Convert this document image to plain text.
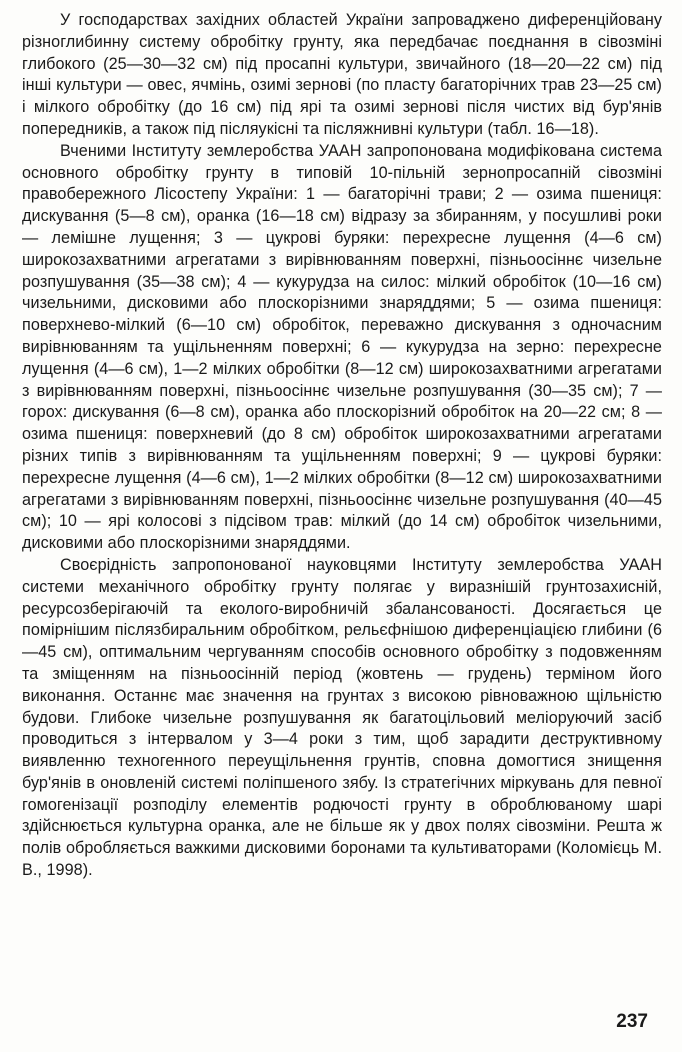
У господарствах західних областей України запроваджено диференційовану різноглибинну систему обробітку грунту, яка передбачає поєднання в сівозміні глибокого (25—30—32 см) під просапні культури, звичайного (18—20—22 см) під інші культури — овес, ячмінь, озимі зернові (по пласту багаторічних трав 23—25 см) і мілкого обробітку (до 16 см) під ярі та озимі зернові після чистих від бур'янів попередників, а також під післяукісні та післяжнивні культури (табл. 16—18).

Вченими Інституту землеробства УААН запропонована модифікована система основного обробітку грунту в типовій 10-пільній зернопросапній сівозміні правобережного Лісостепу України: 1 — багаторічні трави; 2 — озима пшениця: дискування (5—8 см), оранка (16—18 см) відразу за збиранням, у посушливі роки — лемішне лущення; 3 — цукрові буряки: перехресне лущення (4—6 см) широкозахватними агрегатами з вирівнюванням поверхні, пізньоосіннє чизельне розпушування (35—38 см); 4 — кукурудза на силос: мілкий обробіток (10—16 см) чизельними, дисковими або плоскорізними знаряддями; 5 — озима пшениця: поверхнево-мілкий (6—10 см) обробіток, переважно дискування з одночасним вирівнюванням та ущільненням поверхні; 6 — кукурудза на зерно: перехресне лущення (4—6 см), 1—2 мілких обробітки (8—12 см) широкозахватними агрегатами з вирівнюванням поверхні, пізньоосіннє чизельне розпушування (30—35 см); 7 — горох: дискування (6—8 см), оранка або плоскорізний обробіток на 20—22 см; 8 — озима пшениця: поверхневий (до 8 см) обробіток широкозахватними агрегатами різних типів з вирівнюванням та ущільненням поверхні; 9 — цукрові буряки: перехресне лущення (4—6 см), 1—2 мілких обробітки (8—12 см) широкозахватними агрегатами з вирівнюванням поверхні, пізньоосіннє чизельне розпушування (40—45 см); 10 — ярі колосові з підсівом трав: мілкий (до 14 см) обробіток чизельними, дисковими або плоскорізними знаряддями.

Своєрідність запропонованої науковцями Інституту землеробства УААН системи механічного обробітку грунту полягає у виразнішій грунтозахисній, ресурсозберігаючій та еколого-виробничій збалансованості. Досягається це помірнішим післязбиральним обробітком, рельєфнішою диференціацією глибини (6—45 см), оптимальним чергуванням способів основного обробітку з подовженням та зміщенням на пізньоосінній період (жовтень — грудень) терміном його виконання. Останнє має значення на грунтах з високою рівноважною щільністю будови. Глибоке чизельне розпушування як багатоцільовий меліоруючий засіб проводиться з інтервалом у 3—4 роки з тим, щоб зарадити деструктивному виявленню техногенного переущільнення грунтів, сповна домогтися знищення бур'янів в оновленій системі поліпшеного зябу. Із стратегічних міркувань для певної гомогенізації розподілу елементів родючості грунту в оброблюваному шарі здійснюється культурна оранка, але не більше як у двох полях сівозміни. Решта ж полів обробляється важкими дисковими боронами та культиваторами (Коломієць М. В., 1998).

237
